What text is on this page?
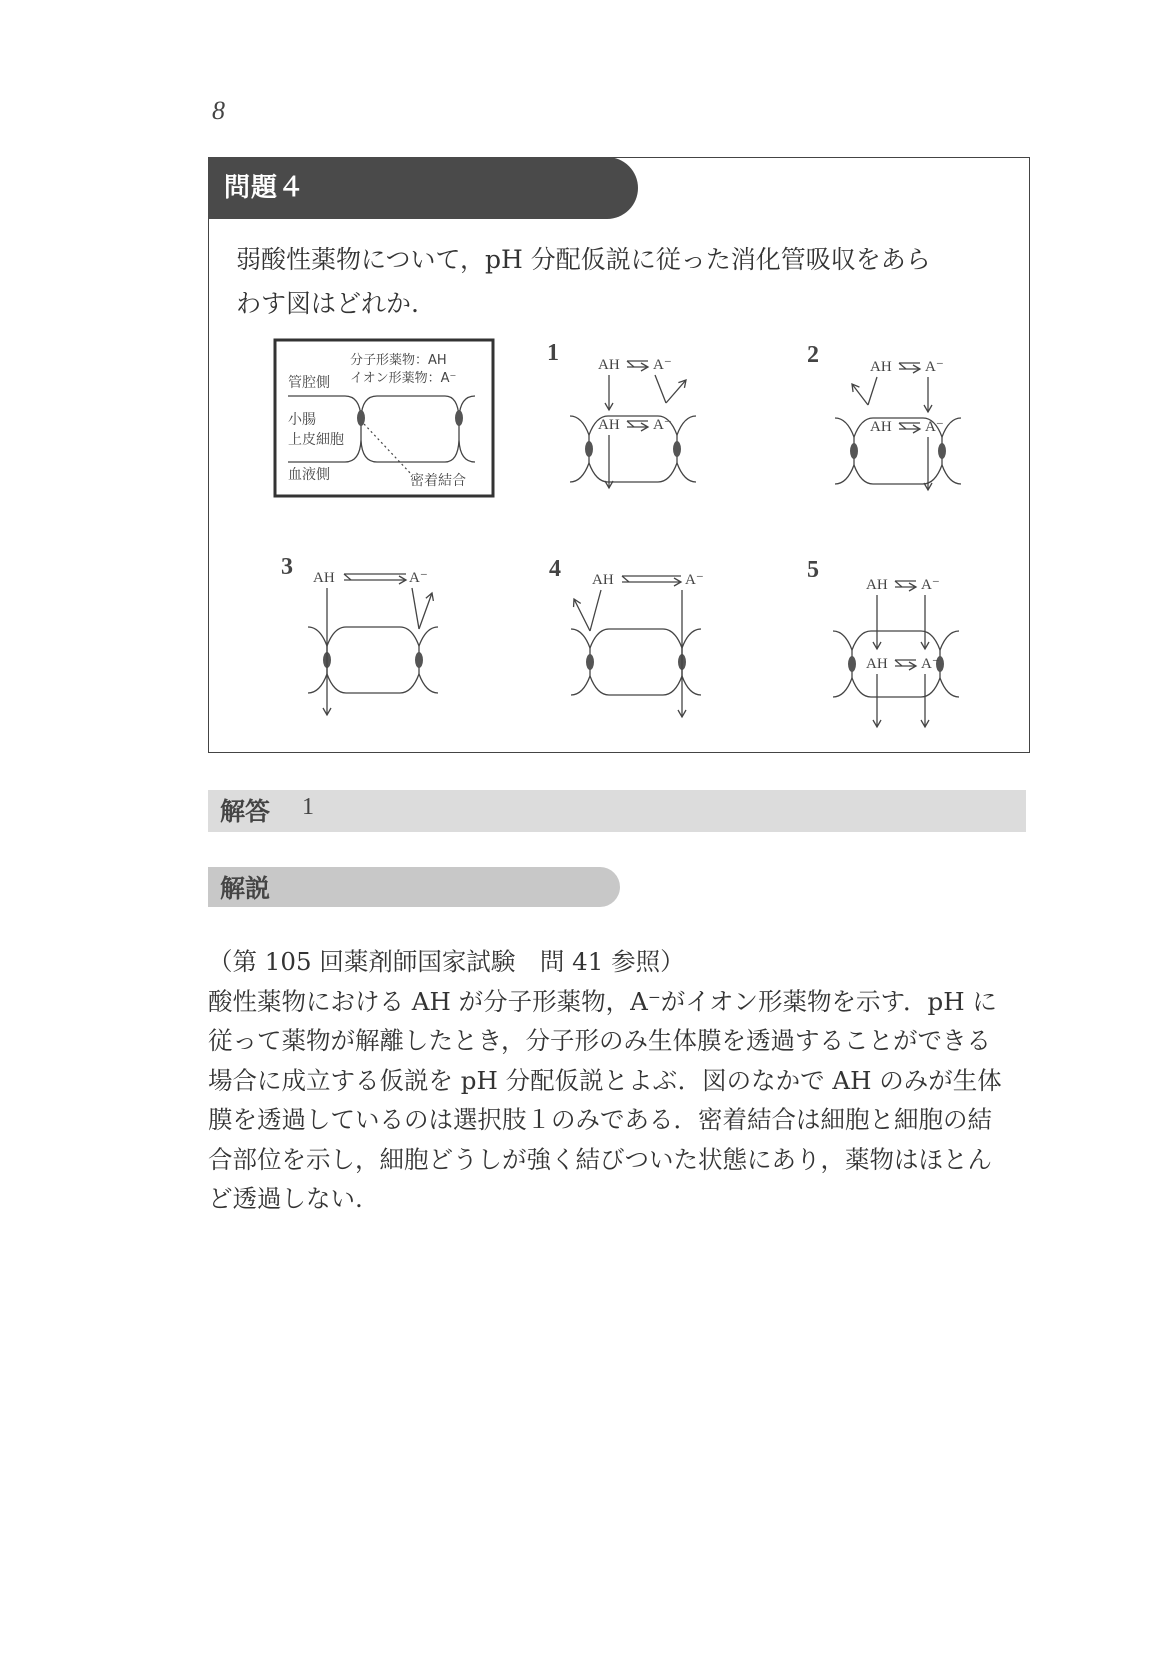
8
問題４
弱酸性薬物について，pH 分配仮説に従った消化管吸収をあら
わす図はどれか.
分子形薬物：AH
イオン形薬物：A⁻
管腔側
小腸
上皮細胞
血液側	密着結合
1	AH A⁻
AH A⁻
2	AH A⁻
AH A⁻
3 AH	A⁻	4 AH	A⁻	5
AH A⁻
AH A⁻
解答 1
解説
（第 105 回薬剤師国家試験　問 41 参照）
酸性薬物における AH が分子形薬物，A⁻がイオン形薬物を示す．pH に
従って薬物が解離したとき，分子形のみ生体膜を透過することができる
場合に成立する仮説を pH 分配仮説とよぶ．図のなかで AH のみが生体
膜を透過しているのは選択肢１のみである．密着結合は細胞と細胞の結
合部位を示し，細胞どうしが強く結びついた状態にあり，薬物はほとん
ど透過しない.
